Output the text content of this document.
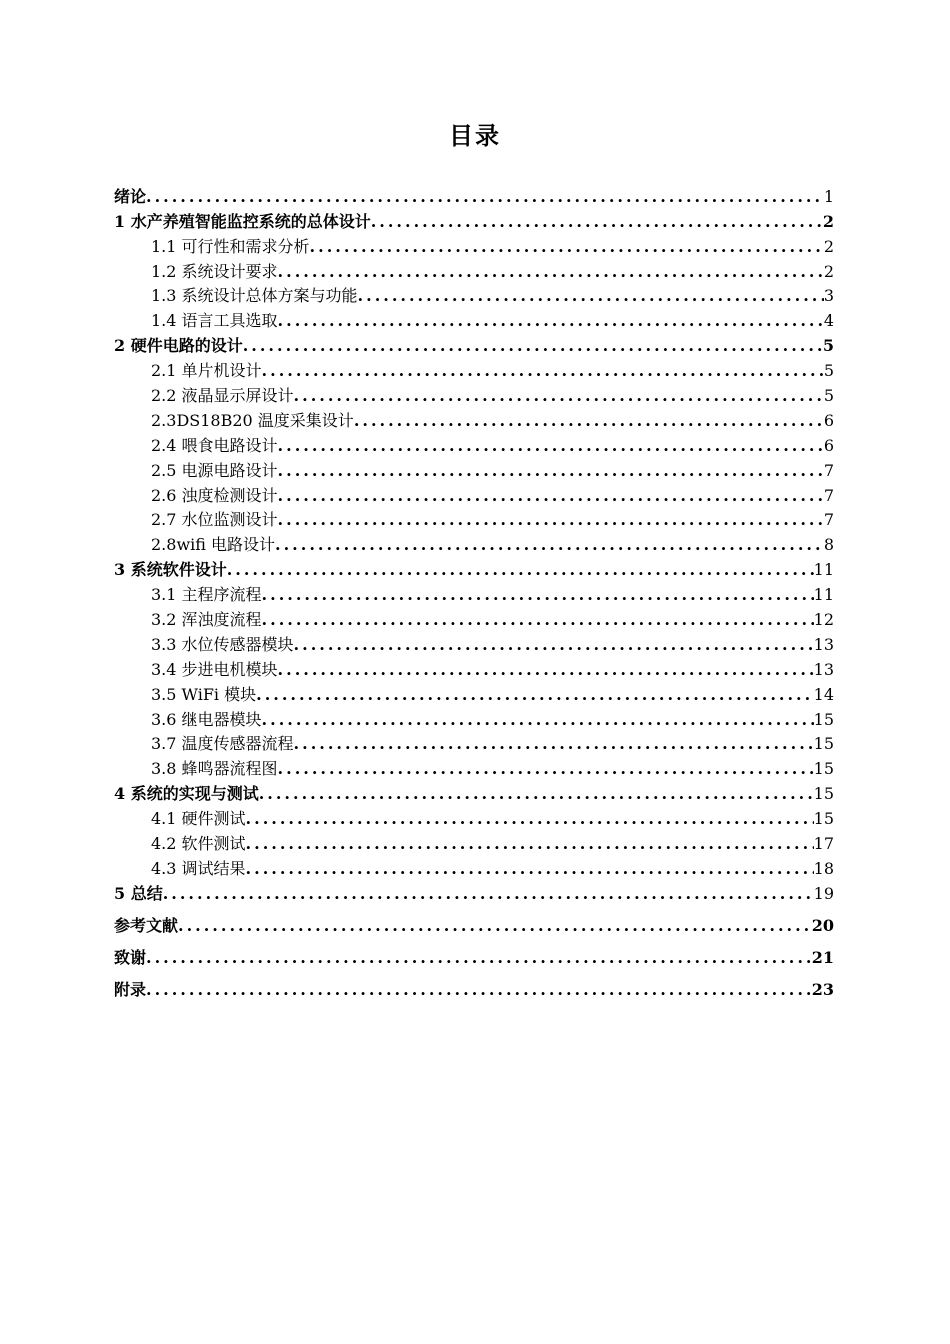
目录
绪论 .....	1
1 水产养殖智能监控系统的总体设计 .....	2
1.1 可行性和需求分析 .....	2
1.2 系统设计要求 .....	2
1.3 系统设计总体方案与功能 .....	3
1.4 语言工具选取 .....	4
2 硬件电路的设计 .....	5
2.1 单片机设计 .....	5
2.2 液晶显示屏设计 .....	5
2.3DS18B20 温度采集设计 .....	6
2.4 喂食电路设计 .....	6
2.5 电源电路设计 .....	7
2.6 浊度检测设计 .....	7
2.7 水位监测设计 .....	7
2.8wifi 电路设计 .....	8
3 系统软件设计 .....	11
3.1 主程序流程 .....	11
3.2 浑浊度流程 .....	12
3.3 水位传感器模块 .....	13
3.4 步进电机模块 .....	13
3.5 WiFi 模块 .....	14
3.6 继电器模块 .....	15
3.7 温度传感器流程 .....	15
3.8 蜂鸣器流程图 .....	15
4 系统的实现与测试 .....	15
4.1 硬件测试 .....	15
4.2 软件测试 .....	17
4.3 调试结果 .....	18
5 总结 .....	19
参考文献 .....	20
致谢 .....	21
附录 .....	23
